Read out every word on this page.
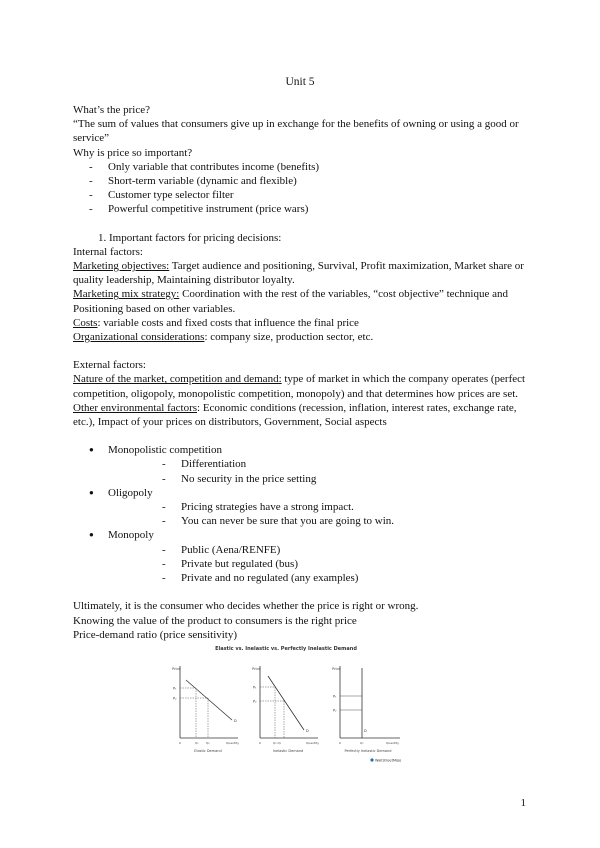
Unit 5

What’s the price?

“The sum of values that consumers give up in exchange for the benefits of owning or using a good or service”

Why is price so important?

- Only variable that contributes income (benefits)
- Short-term variable (dynamic and flexible)
- Customer type selector filter
- Powerful competitive instrument (price wars)
1. Important factors for pricing decisions:

Internal factors:

Marketing objectives: Target audience and positioning, Survival, Profit maximization, Market share or quality leadership, Maintaining distributor loyalty.

Marketing mix strategy: Coordination with the rest of the variables, “cost objective” technique and Positioning based on other variables.

Costs: variable costs and fixed costs that influence the final price

Organizational considerations: company size, production sector, etc.

External factors:

Nature of the market, competition and demand: type of market in which the company operates (perfect competition, oligopoly, monopolistic competition, monopoly) and that determines how prices are set.

Other environmental factors: Economic conditions (recession, inflation, interest rates, exchange rate, etc.), Impact of your prices on distributors, Government, Social aspects

● Monopolistic competition
- Differentiation
- No security in the price setting
● Oligopoly
- Pricing strategies have a strong impact.
- You can never be sure that you are going to win.
● Monopoly
- Public (Aena/RENFE)
- Private but regulated (bus)
- Private and no regulated (any examples)

Ultimately, it is the consumer who decides whether the price is right or wrong.

Knowing the value of the product to consumers is the right price

Price-demand ratio (price sensitivity)

Elastic vs. Inelastic vs. Perfectly Inelastic Demand
Price
P₁
P₂
D
0	Q₁ Q₂	Quantity
Elastic Demand
Price
P₁
P₂
D
0	Q₁ Q₂	Quantity
Inelastic Demand
Price
P₁
P₂
D
0	Q₁	Quantity
Perfectly Inelastic Demand
WallStreetMojo
1
